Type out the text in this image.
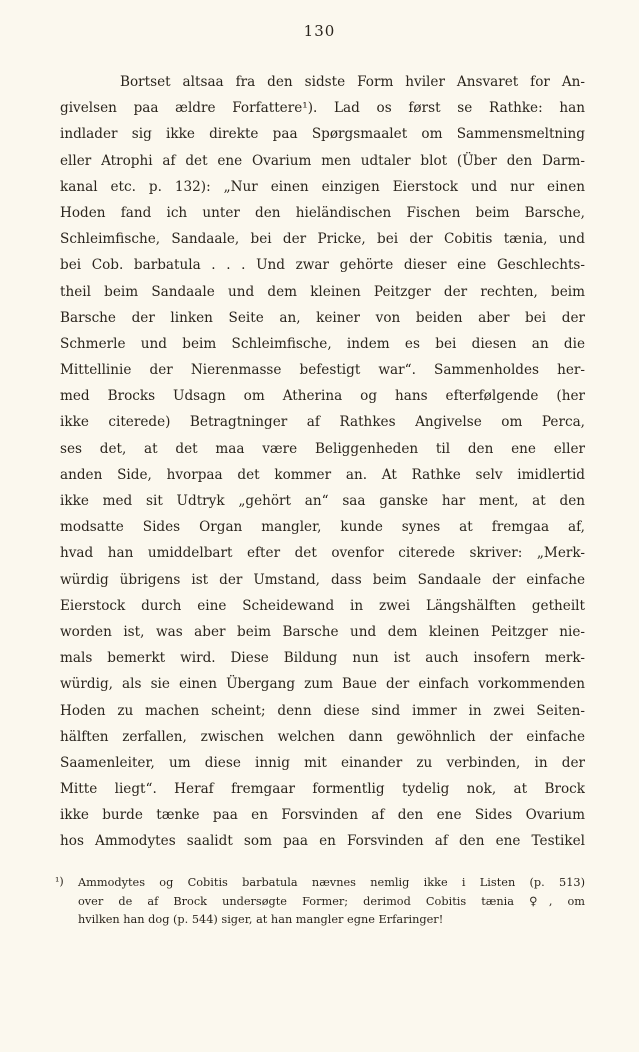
130
Bortset altsaa fra den sidste Form hviler Ansvaret for An-
givelsen paa ældre Forfattere¹). Lad os først se Rathke: han
indlader sig ikke direkte paa Spørgsmaalet om Sammensmeltning
eller Atrophi af det ene Ovarium men udtaler blot (Über den Darm-
kanal etc. p. 132): „Nur einen einzigen Eierstock und nur einen
Hoden fand ich unter den hieländischen Fischen beim Barsche,
Schleimfische, Sandaale, bei der Pricke, bei der Cobitis tænia, und
bei Cob. barbatula . . . Und zwar gehörte dieser eine Geschlechts-
theil beim Sandaale und dem kleinen Peitzger der rechten, beim
Barsche der linken Seite an, keiner von beiden aber bei der
Schmerle und beim Schleimfische, indem es bei diesen an die
Mittellinie der Nierenmasse befestigt war“. Sammenholdes her-
med Brocks Udsagn om Atherina og hans efterfølgende (her
ikke citerede) Betragtninger af Rathkes Angivelse om Perca,
ses det, at det maa være Beliggenheden til den ene eller
anden Side, hvorpaa det kommer an. At Rathke selv imidlertid
ikke med sit Udtryk „gehört an“ saa ganske har ment, at den
modsatte Sides Organ mangler, kunde synes at fremgaa af,
hvad han umiddelbart efter det ovenfor citerede skriver: „Merk-
würdig übrigens ist der Umstand, dass beim Sandaale der einfache
Eierstock durch eine Scheidewand in zwei Längshälften getheilt
worden ist, was aber beim Barsche und dem kleinen Peitzger nie-
mals bemerkt wird. Diese Bildung nun ist auch insofern merk-
würdig, als sie einen Übergang zum Baue der einfach vorkommenden
Hoden zu machen scheint; denn diese sind immer in zwei Seiten-
hälften zerfallen, zwischen welchen dann gewöhnlich der einfache
Saamenleiter, um diese innig mit einander zu verbinden, in der
Mitte liegt“. Heraf fremgaar formentlig tydelig nok, at Brock
ikke burde tænke paa en Forsvinden af den ene Sides Ovarium
hos Ammodytes saalidt som paa en Forsvinden af den ene Testikel
¹)	Ammodytes og Cobitis barbatula nævnes nemlig ikke i Listen (p. 513)
over de af Brock undersøgte Former; derimod Cobitis tænia ♀, om
hvilken han dog (p. 544) siger, at han mangler egne Erfaringer!
